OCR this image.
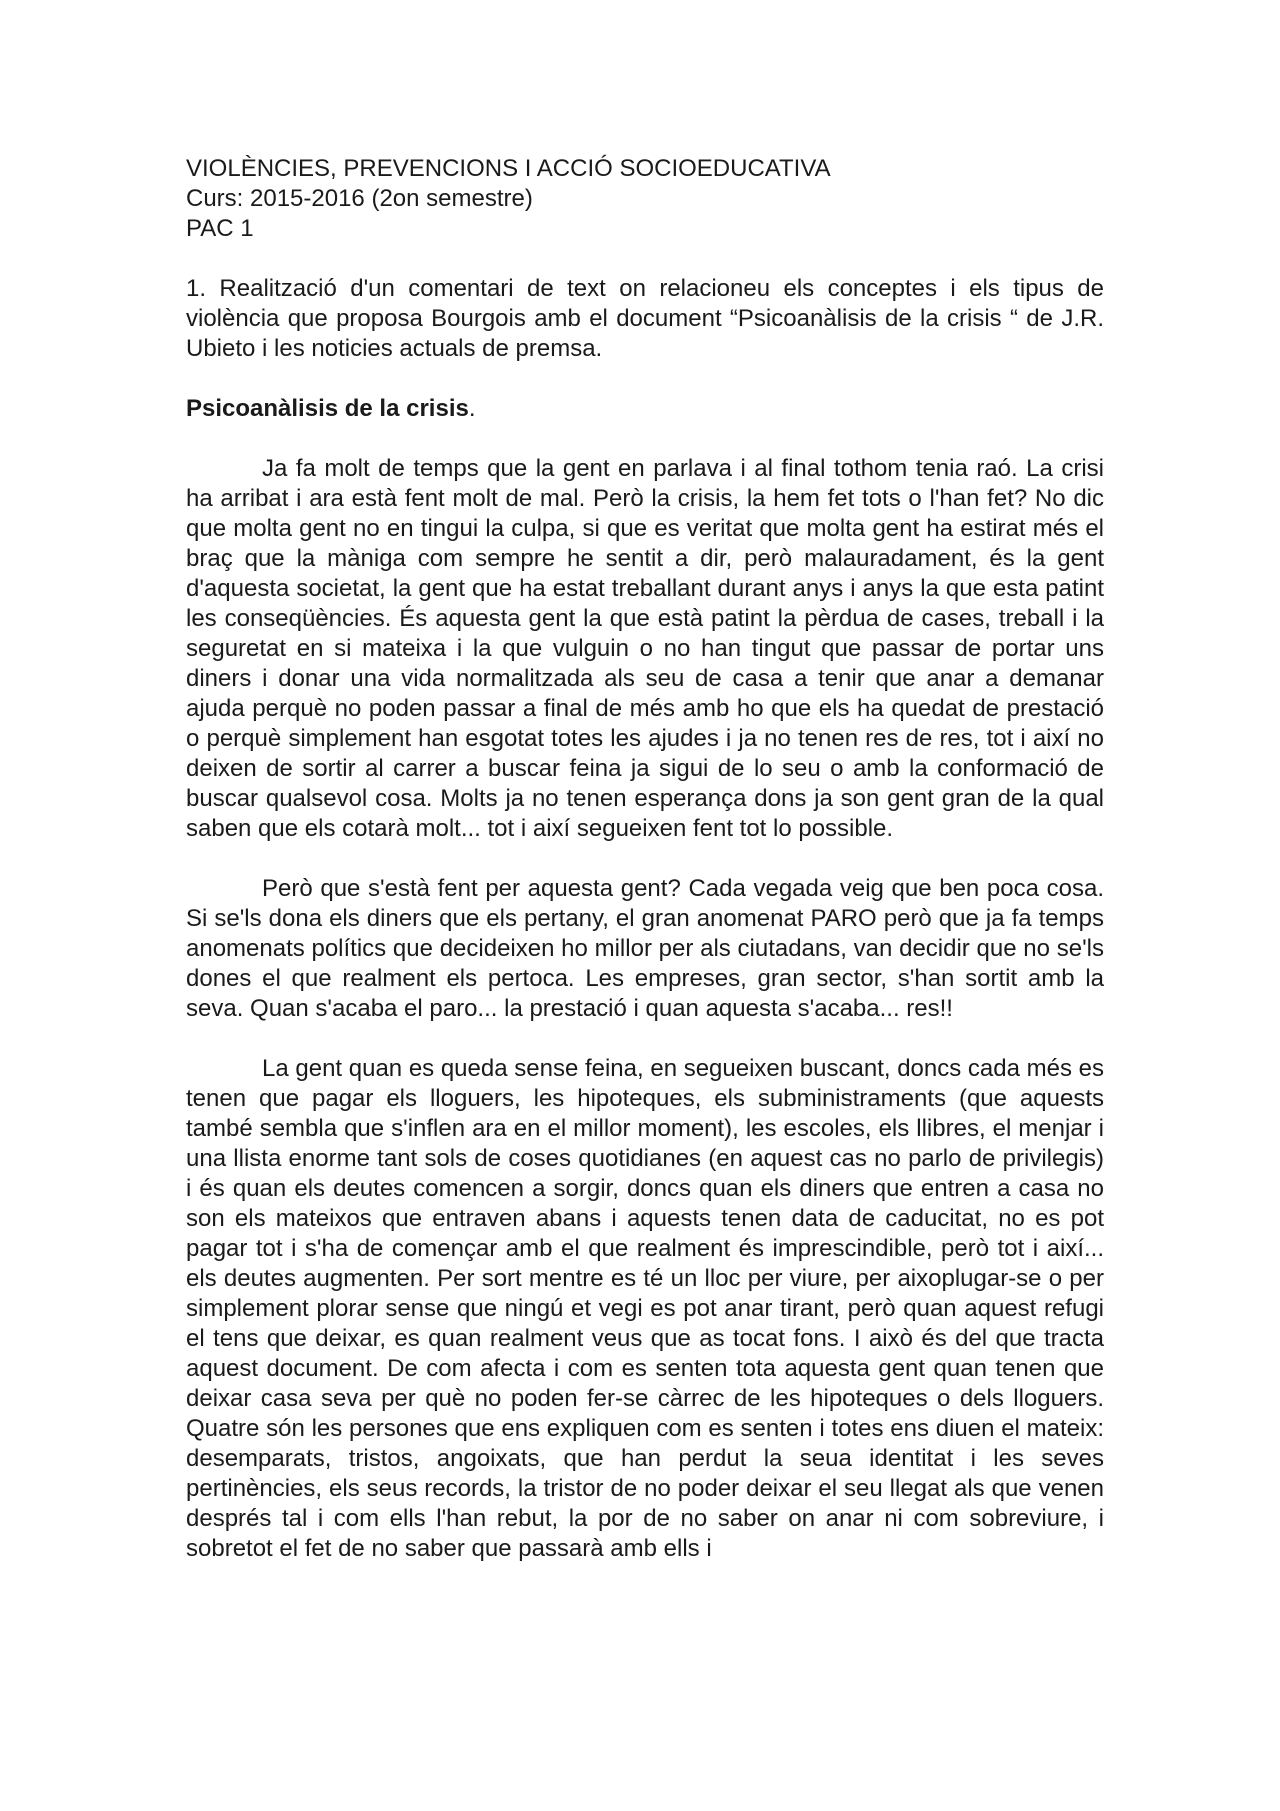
VIOLÈNCIES, PREVENCIONS I ACCIÓ SOCIOEDUCATIVA

Curs: 2015-2016 (2on semestre)

PAC 1

1. Realització d'un comentari de text on relacioneu els conceptes i els tipus de violència que proposa Bourgois amb el document “Psicoanàlisis de la crisis “ de J.R. Ubieto i les noticies actuals de premsa.

Psicoanàlisis de la crisis.

Ja fa molt de temps que la gent en parlava i al final tothom tenia raó. La crisi ha arribat i ara està fent molt de mal. Però la crisis, la hem fet tots o l'han fet? No dic que molta gent no en tingui la culpa, si que es veritat que molta gent ha estirat més el braç que la màniga com sempre he sentit a dir, però malauradament, és la gent d'aquesta societat, la gent que ha estat treballant durant anys i anys la que esta patint les conseqüències. És aquesta gent la que està patint la pèrdua de cases, treball i la seguretat en si mateixa i la que vulguin o no han tingut que passar de portar uns diners i donar una vida normalitzada als seu de casa a tenir que anar a demanar ajuda perquè no poden passar a final de més amb ho que els ha quedat de prestació o perquè simplement han esgotat totes les ajudes i ja no tenen res de res, tot i així no deixen de sortir al carrer a buscar feina ja sigui de lo seu o amb la conformació de buscar qualsevol cosa. Molts ja no tenen esperança dons ja son gent gran de la qual saben que els cotarà molt... tot i així segueixen fent tot lo possible.

Però que s'està fent per aquesta gent? Cada vegada veig que ben poca cosa. Si se'ls dona els diners que els pertany, el gran anomenat PARO però que ja fa temps anomenats polítics que decideixen ho millor per als ciutadans, van decidir que no se'ls dones el que realment els pertoca. Les empreses, gran sector, s'han sortit amb la seva. Quan s'acaba el paro... la prestació i quan aquesta s'acaba... res!!

La gent quan es queda sense feina, en segueixen buscant, doncs cada més es tenen que pagar els lloguers, les hipoteques, els subministraments (que aquests també sembla que s'inflen ara en el millor moment), les escoles, els llibres, el menjar i una llista enorme tant sols de coses quotidianes (en aquest cas no parlo de privilegis) i és quan els deutes comencen a sorgir, doncs quan els diners que entren a casa no son els mateixos que entraven abans i aquests tenen data de caducitat, no es pot pagar tot i s'ha de començar amb el que realment és imprescindible, però tot i així... els deutes augmenten. Per sort mentre es té un lloc per viure, per aixoplugar-se o per simplement plorar sense que ningú et vegi es pot anar tirant, però quan aquest refugi el tens que deixar, es quan realment veus que as tocat fons. I això és del que tracta aquest document. De com afecta i com es senten tota aquesta gent quan tenen que deixar casa seva per què no poden fer-se càrrec de les hipoteques o dels lloguers. Quatre són les persones que ens expliquen com es senten i totes ens diuen el mateix: desemparats, tristos, angoixats, que han perdut la seua identitat i les seves pertinències, els seus records, la tristor de no poder deixar el seu llegat als que venen després tal i com ells l'han rebut, la por de no saber on anar ni com sobreviure, i sobretot el fet de no saber que passarà amb ells i
